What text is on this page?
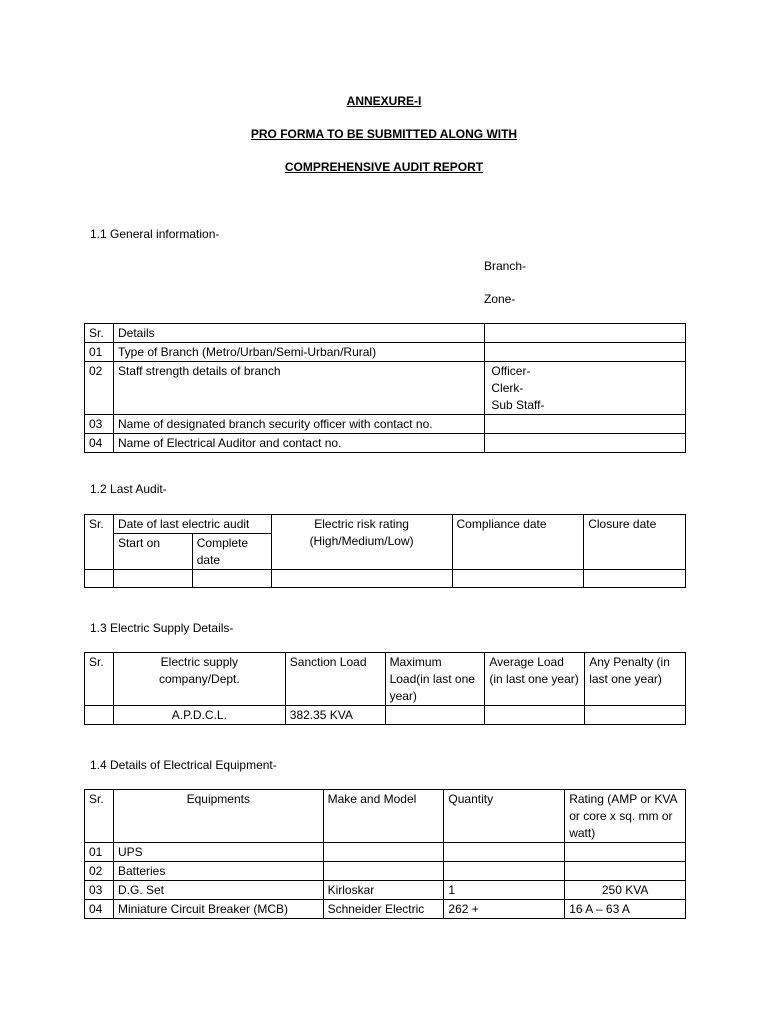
ANNEXURE-I
PRO FORMA TO BE SUBMITTED ALONG WITH
COMPREHENSIVE AUDIT REPORT
1.1 General information-
Branch-
Zone-
Sr.	Details	
01	Type of Branch (Metro/Urban/Semi-Urban/Rural)	
02	Staff strength details of branch	Officer-
Clerk-
Sub Staff-

03	Name of designated branch security officer with contact no.	
04	Name of Electrical Auditor and contact no.	
1.2 Last Audit-
Sr.	Date of last electric audit		Electric risk rating (High/Medium/Low)	Compliance date	Closure date
	Start on	Complete date			

1.3 Electric Supply Details-
Sr.	Electric supply company/Dept.	Sanction Load	Maximum Load(in last one year)	Average Load (in last one year)	Any Penalty (in last one year)
	A.P.D.C.L.	382.35 KVA			
1.4 Details of Electrical Equipment-
Sr.	Equipments	Make and Model	Quantity	Rating (AMP or KVA or core x sq. mm or watt)
01	UPS			
02	Batteries			
03	D.G. Set	Kirloskar	1	250 KVA
04	Miniature Circuit Breaker (MCB)	Schneider Electric	262 +	16 A – 63 A
